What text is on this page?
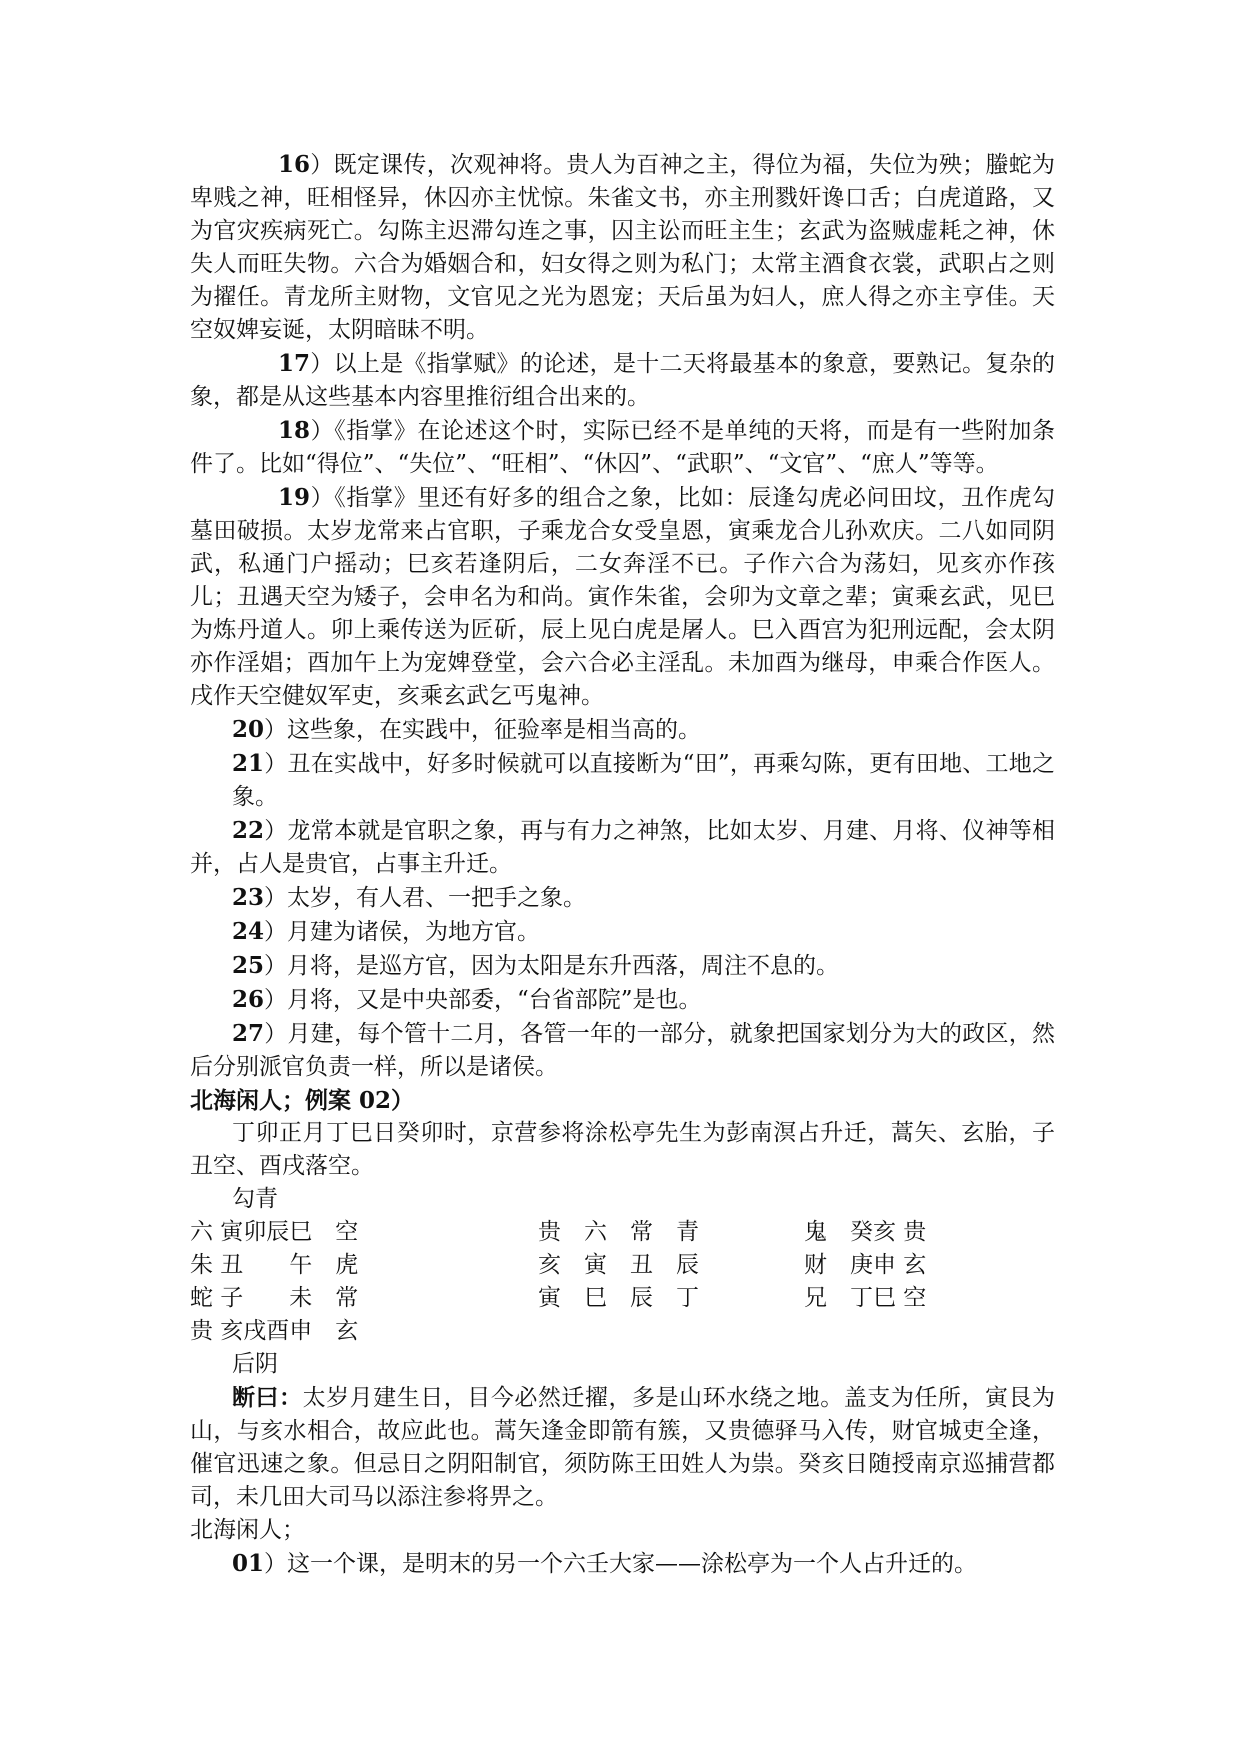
16）既定课传，次观神将。贵人为百神之主，得位为福，失位为殃；螣蛇为卑贱之神，旺相怪异，休囚亦主忧惊。朱雀文书，亦主刑戮奸谗口舌；白虎道路，又为官灾疾病死亡。勾陈主迟滞勾连之事，囚主讼而旺主生；玄武为盗贼虚耗之神，休失人而旺失物。六合为婚姻合和，妇女得之则为私门；太常主酒食衣裳，武职占之则为擢任。青龙所主财物，文官见之光为恩宠；天后虽为妇人，庶人得之亦主亨佳。天空奴婢妄诞，太阴暗昧不明。

17）以上是《指掌赋》的论述，是十二天将最基本的象意，要熟记。复杂的象，都是从这些基本内容里推衍组合出来的。

18）《指掌》在论述这个时，实际已经不是单纯的天将，而是有一些附加条件了。比如“得位”、“失位”、“旺相”、“休囚”、“武职”、“文官”、“庶人”等等。

19）《指掌》里还有好多的组合之象，比如：辰逢勾虎必问田坟，丑作虎勾墓田破损。太岁龙常来占官职，子乘龙合女受皇恩，寅乘龙合儿孙欢庆。二八如同阴武，私通门户摇动；巳亥若逢阴后，二女奔淫不已。子作六合为荡妇，见亥亦作孩儿；丑遇天空为矮子，会申名为和尚。寅作朱雀，会卯为文章之辈；寅乘玄武，见巳为炼丹道人。卯上乘传送为匠斫，辰上见白虎是屠人。巳入酉宫为犯刑远配，会太阴亦作淫娼；酉加午上为宠婢登堂，会六合必主淫乱。未加酉为继母，申乘合作医人。戌作天空健奴军吏，亥乘玄武乞丐鬼神。

20）这些象，在实践中，征验率是相当高的。

21）丑在实战中，好多时候就可以直接断为“田”，再乘勾陈，更有田地、工地之象。

22）龙常本就是官职之象，再与有力之神煞，比如太岁、月建、月将、仪神等相并，占人是贵官，占事主升迁。

23）太岁，有人君、一把手之象。

24）月建为诸侯，为地方官。

25）月将，是巡方官，因为太阳是东升西落，周注不息的。

26）月将，又是中央部委，“台省部院”是也。

27）月建，每个管十二月，各管一年的一部分，就象把国家划分为大的政区，然后分别派官负责一样，所以是诸侯。

北海闲人；例案 02）

丁卯正月丁巳日癸卯时，京营参将涂松亭先生为彭南溟占升迁，蒿矢、玄胎，子丑空、酉戌落空。

勾青

六 寅卯辰巳　空	贵　六　常　青	鬼　癸亥 贵
朱 丑　　午　虎	亥　寅　丑　辰	财　庚申 玄
蛇 子　　未　常	寅　巳　辰　丁	兄　丁巳 空
贵 亥戌酉申　玄
后阴

断曰：太岁月建生日，目今必然迁擢，多是山环水绕之地。盖支为任所，寅艮为山，与亥水相合，故应此也。蒿矢逢金即箭有簇，又贵德驿马入传，财官城吏全逢，催官迅速之象。但忌日之阴阳制官，须防陈王田姓人为祟。癸亥日随授南京巡捕营都司，未几田大司马以添注参将畀之。

北海闲人；

01）这一个课，是明末的另一个六壬大家——涂松亭为一个人占升迁的。
